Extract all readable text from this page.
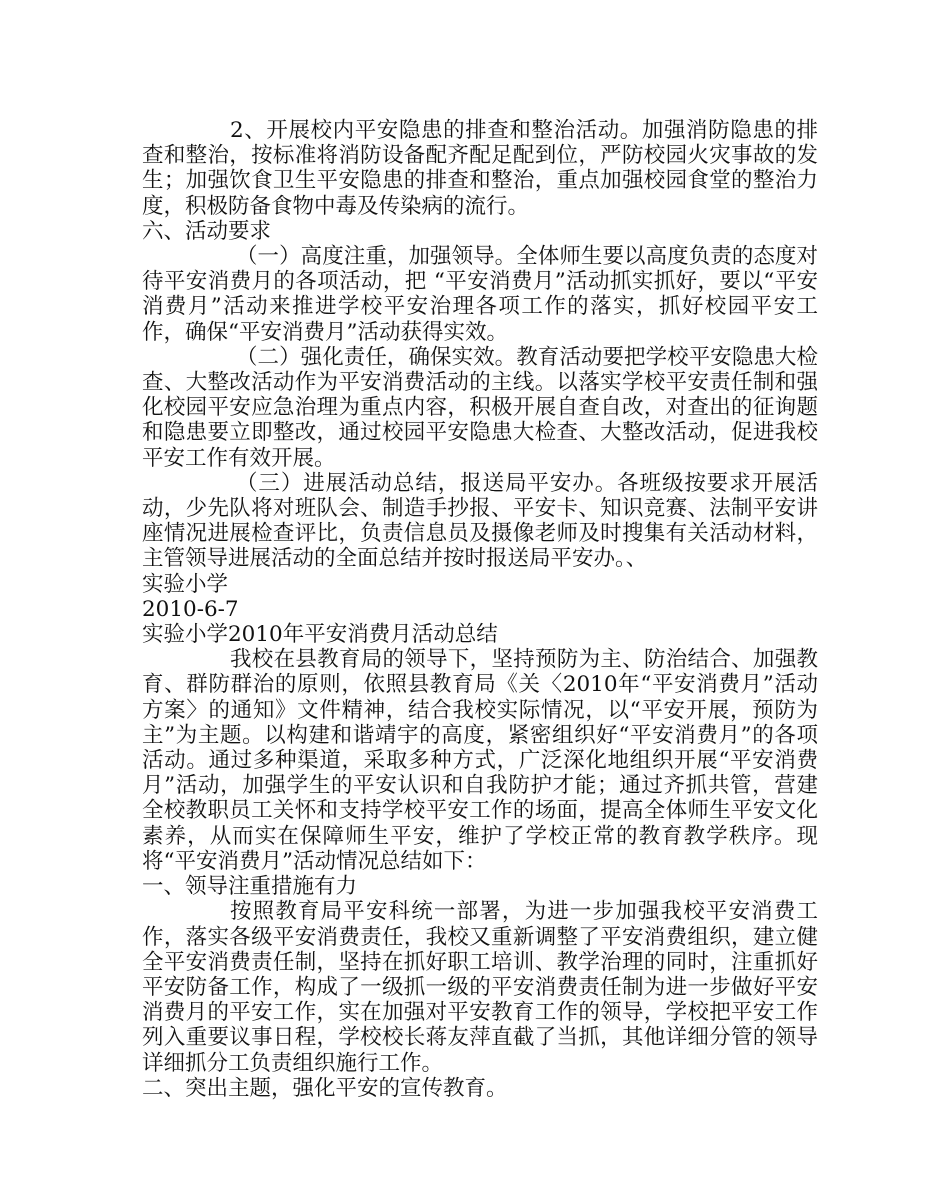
2、开展校内平安隐患的排查和整治活动。加强消防隐患的排查和整治，按标准将消防设备配齐配足配到位，严防校园火灾事故的发生；加强饮食卫生平安隐患的排查和整治，重点加强校园食堂的整治力度，积极防备食物中毒及传染病的流行。

六、活动要求

（一）高度注重，加强领导。全体师生要以高度负责的态度对待平安消费月的各项活动，把 “平安消费月”活动抓实抓好，要以“平安消费月”活动来推进学校平安治理各项工作的落实，抓好校园平安工作，确保“平安消费月”活动获得实效。

（二）强化责任，确保实效。教育活动要把学校平安隐患大检查、大整改活动作为平安消费活动的主线。以落实学校平安责任制和强化校园平安应急治理为重点内容，积极开展自查自改，对查出的征询题和隐患要立即整改，通过校园平安隐患大检查、大整改活动，促进我校平安工作有效开展。

（三）进展活动总结，报送局平安办。各班级按要求开展活动，少先队将对班队会、制造手抄报、平安卡、知识竞赛、法制平安讲座情况进展检查评比，负责信息员及摄像老师及时搜集有关活动材料，主管领导进展活动的全面总结并按时报送局平安办。、

实验小学

2010-6-7

实验小学2010年平安消费月活动总结

我校在县教育局的领导下，坚持预防为主、防治结合、加强教育、群防群治的原则，依照县教育局《关〈2010年“平安消费月”活动方案〉的通知》文件精神，结合我校实际情况，以“平安开展，预防为主”为主题。以构建和谐靖宇的高度，紧密组织好“平安消费月”的各项活动。通过多种渠道，采取多种方式，广泛深化地组织开展“平安消费月”活动，加强学生的平安认识和自我防护才能；通过齐抓共管，营建全校教职员工关怀和支持学校平安工作的场面，提高全体师生平安文化素养，从而实在保障师生平安，维护了学校正常的教育教学秩序。现将“平安消费月”活动情况总结如下：

一、领导注重措施有力

按照教育局平安科统一部署，为进一步加强我校平安消费工作，落实各级平安消费责任，我校又重新调整了平安消费组织，建立健全平安消费责任制，坚持在抓好职工培训、教学治理的同时，注重抓好平安防备工作，构成了一级抓一级的平安消费责任制为进一步做好平安消费月的平安工作，实在加强对平安教育工作的领导，学校把平安工作列入重要议事日程，学校校长蒋友萍直截了当抓，其他详细分管的领导详细抓分工负责组织施行工作。

二、突出主题，强化平安的宣传教育。
